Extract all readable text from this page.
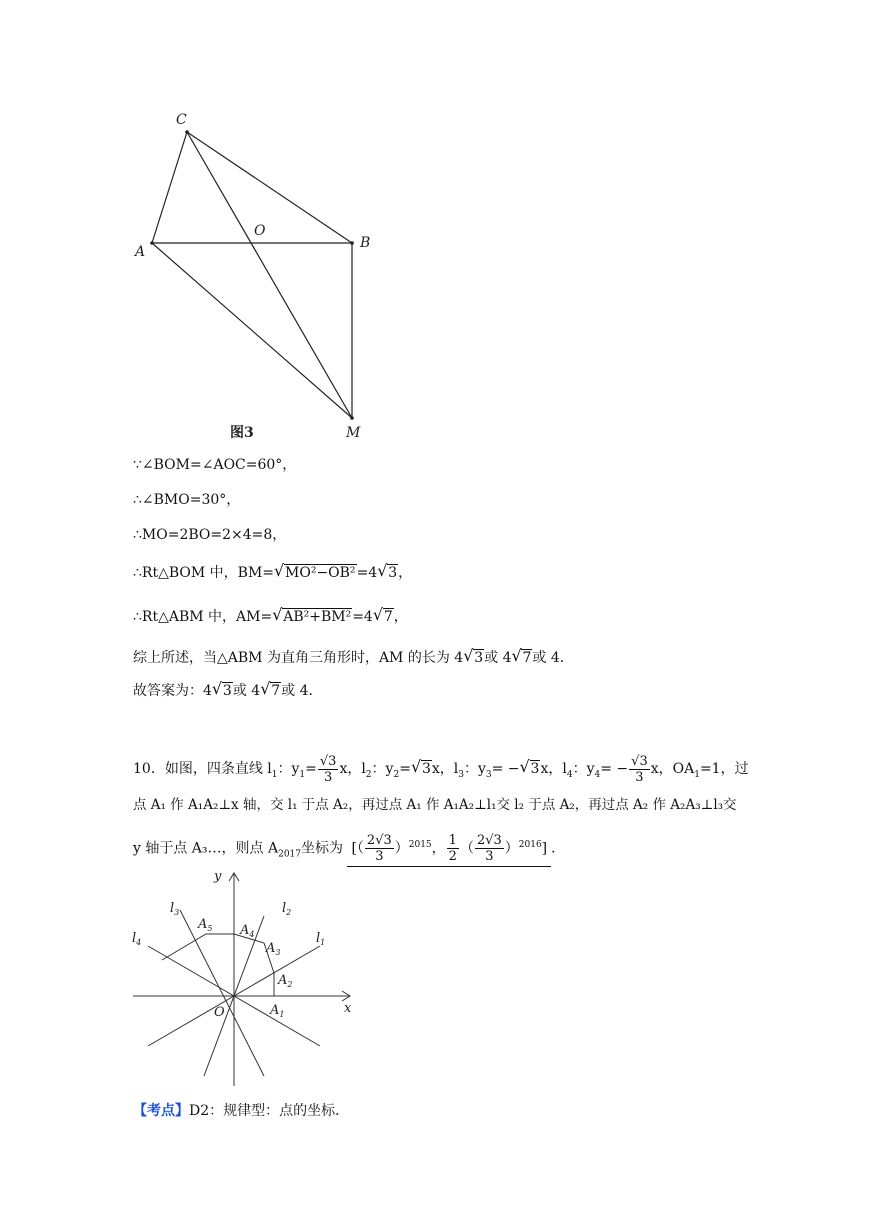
C
O
A
B
M
图3
∵∠BOM=∠AOC=60°，
∴∠BMO=30°，
∴MO=2BO=2×4=8，
∴Rt△BOM 中，BM=√ MO²−OB²=4√ 3，
∴Rt△ABM 中，AM=√ AB²+BM²=4√ 7，
综上所述，当△ABM 为直角三角形时，AM 的长为 4√ 3或 4√ 7或 4．
故答案为：4√ 3或 4√ 7或 4．
10．如图，四条直线 $l_1$：$y_1= \frac{√3}{3}$ x，$l_2$：$y_2=√$ 3x，$l_3$：$y_3=$ −√ 3x，$l_4$：$y_4= - \frac{√3}{3}$ x，$OA_1=1$，过
点 A₁ 作 A₁A₂⊥x 轴，交 l₁ 于点 A₂，再过点 A₁ 作 A₁A₂⊥l₁交 l₂ 于点 A₂，再过点 A₂ 作 A₂A₃⊥l₃交
y 轴于点 A₃…，则点 $A_{2017}$坐标为 [（ $\frac{2√3}{3} )^{2015}$， $\frac{1}{2}$ （ $\frac{2√3}{3} )^{2016}$] ．
y
x
O
$l_1$
$l_2$
$l_3$
$l_4$
$A_1$
$A_2$
$A_3$
$A_4$
$A_5$
【考点】D2：规律型：点的坐标．
